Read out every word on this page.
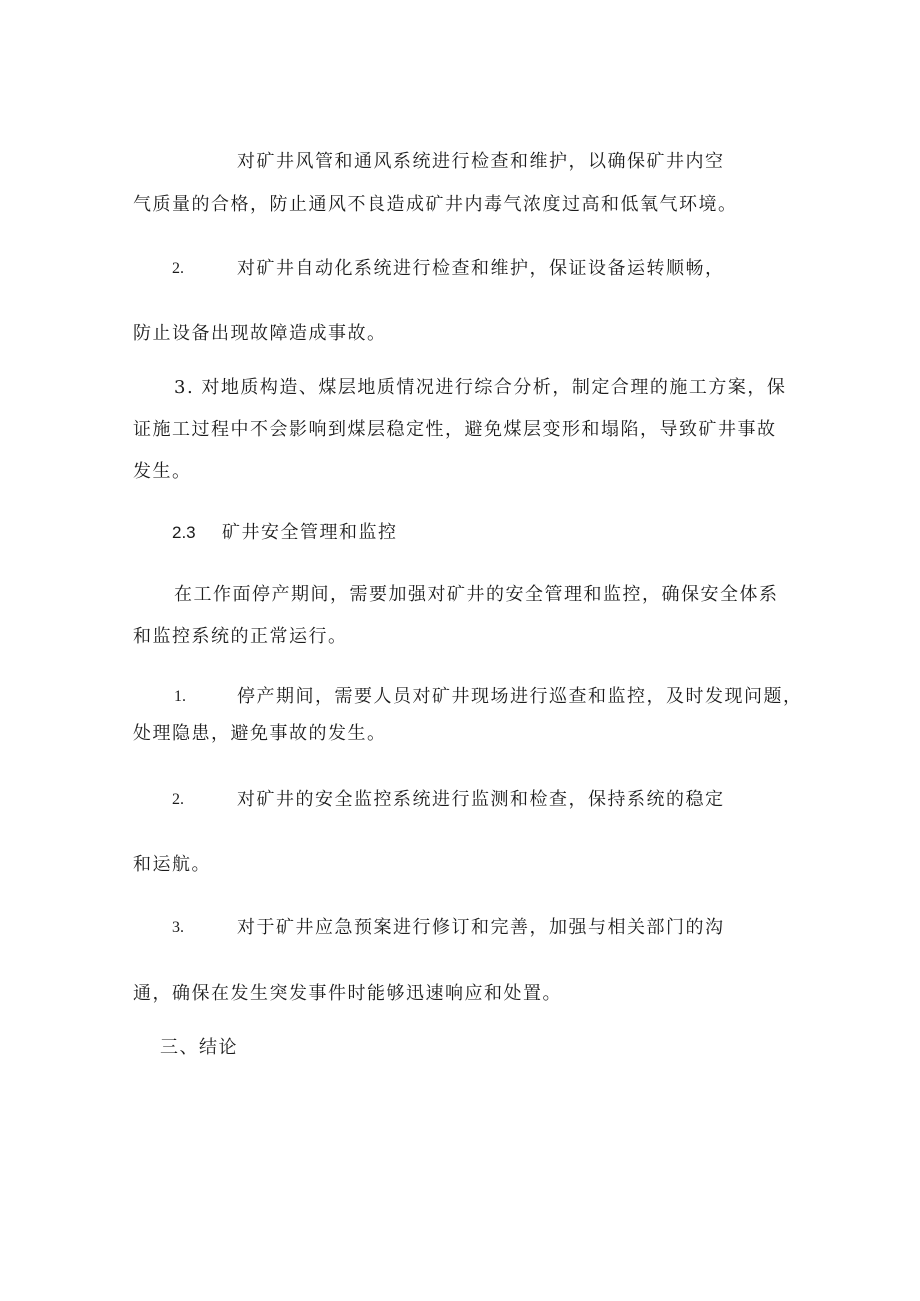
对矿井风管和通风系统进行检查和维护，以确保矿井内空
气质量的合格，防止通风不良造成矿井内毒气浓度过高和低氧气环境。
2.	对矿井自动化系统进行检查和维护，保证设备运转顺畅，
防止设备出现故障造成事故。
3. 对地质构造、煤层地质情况进行综合分析，制定合理的施工方案，保
证施工过程中不会影响到煤层稳定性，避免煤层变形和塌陷，导致矿井事故
发生。
2.3 矿井安全管理和监控
在工作面停产期间，需要加强对矿井的安全管理和监控，确保安全体系
和监控系统的正常运行。
1.	停产期间，需要人员对矿井现场进行巡查和监控，及时发现问题，
处理隐患，避免事故的发生。
2.	对矿井的安全监控系统进行监测和检查，保持系统的稳定
和运航。
3.	对于矿井应急预案进行修订和完善，加强与相关部门的沟
通，确保在发生突发事件时能够迅速响应和处置。
三、结论
